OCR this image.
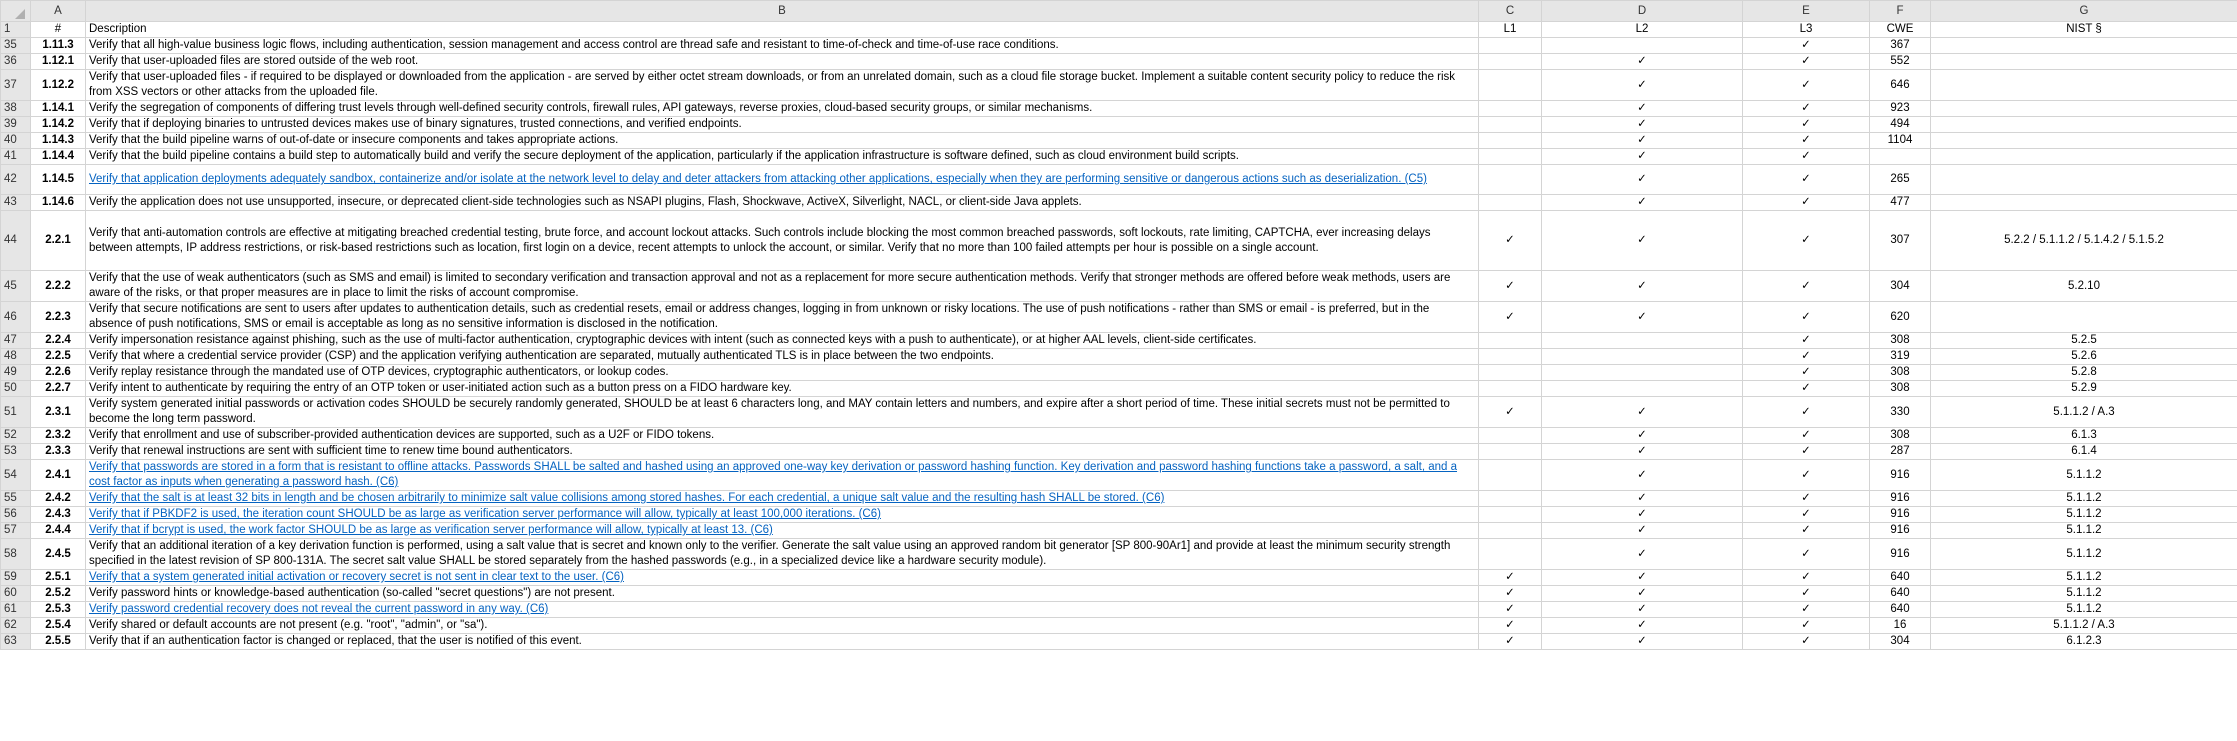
	A	B	C	D	E	F	G
1	#	Description	L1	L2	L3	CWE	NIST §
35	1.11.3	Verify that all high-value business logic flows, including authentication, session management and access control are thread safe and resistant to time-of-check and time-of-use race conditions.			✓	367	
36	1.12.1	Verify that user-uploaded files are stored outside of the web root.		✓	✓	552	
37	1.12.2	Verify that user-uploaded files - if required to be displayed or downloaded from the application - are served by either octet stream downloads, or from an unrelated domain, such as a cloud file storage bucket. Implement a suitable content security policy to reduce the risk from XSS vectors or other attacks from the uploaded file.		✓	✓	646	
38	1.14.1	Verify the segregation of components of differing trust levels through well-defined security controls, firewall rules, API gateways, reverse proxies, cloud-based security groups, or similar mechanisms.		✓	✓	923	
39	1.14.2	Verify that if deploying binaries to untrusted devices makes use of binary signatures, trusted connections, and verified endpoints.		✓	✓	494	
40	1.14.3	Verify that the build pipeline warns of out-of-date or insecure components and takes appropriate actions.		✓	✓	1104	
41	1.14.4	Verify that the build pipeline contains a build step to automatically build and verify the secure deployment of the application, particularly if the application infrastructure is software defined, such as cloud environment build scripts.		✓	✓		
42	1.14.5	Verify that application deployments adequately sandbox, containerize and/or isolate at the network level to delay and deter attackers from attacking other applications, especially when they are performing sensitive or dangerous actions such as deserialization. (C5)		✓	✓	265	
43	1.14.6	Verify the application does not use unsupported, insecure, or deprecated client-side technologies such as NSAPI plugins, Flash, Shockwave, ActiveX, Silverlight, NACL, or client-side Java applets.		✓	✓	477	
44	2.2.1	Verify that anti-automation controls are effective at mitigating breached credential testing, brute force, and account lockout attacks. Such controls include blocking the most common breached passwords, soft lockouts, rate limiting, CAPTCHA, ever increasing delays between attempts, IP address restrictions, or risk-based restrictions such as location, first login on a device, recent attempts to unlock the account, or similar. Verify that no more than 100 failed attempts per hour is possible on a single account.	✓	✓	✓	307	5.2.2 / 5.1.1.2 / 5.1.4.2 / 5.1.5.2
45	2.2.2	Verify that the use of weak authenticators (such as SMS and email) is limited to secondary verification and transaction approval and not as a replacement for more secure authentication methods. Verify that stronger methods are offered before weak methods, users are aware of the risks, or that proper measures are in place to limit the risks of account compromise.	✓	✓	✓	304	5.2.10
46	2.2.3	Verify that secure notifications are sent to users after updates to authentication details, such as credential resets, email or address changes, logging in from unknown or risky locations. The use of push notifications - rather than SMS or email - is preferred, but in the absence of push notifications, SMS or email is acceptable as long as no sensitive information is disclosed in the notification.	✓	✓	✓	620	
47	2.2.4	Verify impersonation resistance against phishing, such as the use of multi-factor authentication, cryptographic devices with intent (such as connected keys with a push to authenticate), or at higher AAL levels, client-side certificates.			✓	308	5.2.5
48	2.2.5	Verify that where a credential service provider (CSP) and the application verifying authentication are separated, mutually authenticated TLS is in place between the two endpoints.			✓	319	5.2.6
49	2.2.6	Verify replay resistance through the mandated use of OTP devices, cryptographic authenticators, or lookup codes.			✓	308	5.2.8
50	2.2.7	Verify intent to authenticate by requiring the entry of an OTP token or user-initiated action such as a button press on a FIDO hardware key.			✓	308	5.2.9
51	2.3.1	Verify system generated initial passwords or activation codes SHOULD be securely randomly generated, SHOULD be at least 6 characters long, and MAY contain letters and numbers, and expire after a short period of time. These initial secrets must not be permitted to become the long term password.	✓	✓	✓	330	5.1.1.2 / A.3
52	2.3.2	Verify that enrollment and use of subscriber-provided authentication devices are supported, such as a U2F or FIDO tokens.		✓	✓	308	6.1.3
53	2.3.3	Verify that renewal instructions are sent with sufficient time to renew time bound authenticators.		✓	✓	287	6.1.4
54	2.4.1	Verify that passwords are stored in a form that is resistant to offline attacks. Passwords SHALL be salted and hashed using an approved one-way key derivation or password hashing function. Key derivation and password hashing functions take a password, a salt, and a cost factor as inputs when generating a password hash. (C6)		✓	✓	916	5.1.1.2
55	2.4.2	Verify that the salt is at least 32 bits in length and be chosen arbitrarily to minimize salt value collisions among stored hashes. For each credential, a unique salt value and the resulting hash SHALL be stored. (C6)		✓	✓	916	5.1.1.2
56	2.4.3	Verify that if PBKDF2 is used, the iteration count SHOULD be as large as verification server performance will allow, typically at least 100,000 iterations. (C6)		✓	✓	916	5.1.1.2
57	2.4.4	Verify that if bcrypt is used, the work factor SHOULD be as large as verification server performance will allow, typically at least 13. (C6)		✓	✓	916	5.1.1.2
58	2.4.5	Verify that an additional iteration of a key derivation function is performed, using a salt value that is secret and known only to the verifier. Generate the salt value using an approved random bit generator [SP 800-90Ar1] and provide at least the minimum security strength specified in the latest revision of SP 800-131A. The secret salt value SHALL be stored separately from the hashed passwords (e.g., in a specialized device like a hardware security module).		✓	✓	916	5.1.1.2
59	2.5.1	Verify that a system generated initial activation or recovery secret is not sent in clear text to the user. (C6)	✓	✓	✓	640	5.1.1.2
60	2.5.2	Verify password hints or knowledge-based authentication (so-called "secret questions") are not present.	✓	✓	✓	640	5.1.1.2
61	2.5.3	Verify password credential recovery does not reveal the current password in any way. (C6)	✓	✓	✓	640	5.1.1.2
62	2.5.4	Verify shared or default accounts are not present (e.g. "root", "admin", or "sa").	✓	✓	✓	16	5.1.1.2 / A.3
63	2.5.5	Verify that if an authentication factor is changed or replaced, that the user is notified of this event.	✓	✓	✓	304	6.1.2.3
